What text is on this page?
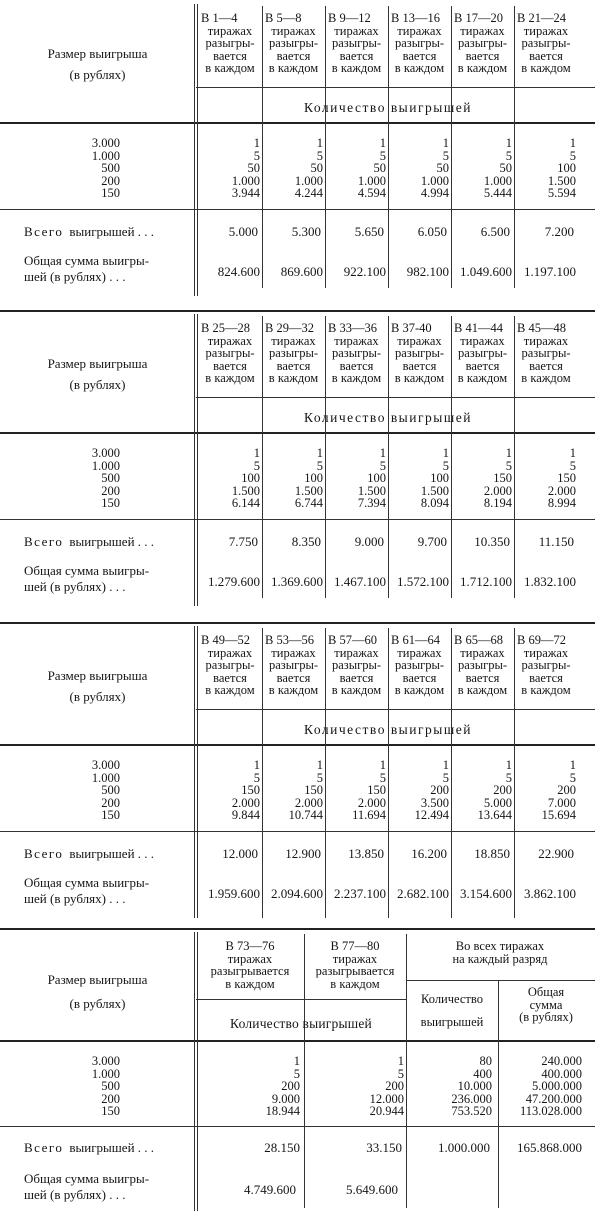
Размер выигрыша
(в рублях)
В 1—4
тиражах
разыгры-
вается
в каждом
В 5—8
тиражах
разыгры-
вается
в каждом
В 9—12
тиражах
разыгры-
вается
в каждом
В 13—16
тиражах
разыгры-
вается
в каждом
В 17—20
тиражах
разыгры-
вается
в каждом
В 21—24
тиражах
разыгры-
вается
в каждом
Количество выигрышей
3.000	1	1	1	1	1	1
1.000	5	5	5	5	5	5
500	50	50	50	50	50	100
200	1.000	1.000	1.000	1.000	1.000	1.500
150	3.944	4.244	4.594	4.994	5.444	5.594
Всего выигрышей . . .	5.000	5.300	5.650	6.050	6.500	7.200
Общая сумма выигры-
шей (в рублях) . . .	824.600	869.600	922.100	982.100 1.049.600 1.197.100
Размер выигрыша
(в рублях)
В 25—28
тиражах
разыгры-
вается
в каждом
В 29—32
тиражах
разыгры-
вается
в каждом
В 33—36
тиражах
разыгры-
вается
в каждом
В 37-40
тиражах
разыгры-
вается
в каждом
В 41—44
тиражах
разыгры-
вается
в каждом
В 45—48
тиражах
разыгры-
вается
в каждом
Количество выигрышей
3.000	1	1	1	1	1	1
1.000	5	5	5	5	5	5
500	100	100	100	100	150	150
200	1.500	1.500	1.500	1.500	2.000	2.000
150	6.144	6.744	7.394	8.094	8.194	8.994
Всего выигрышей . . .	7.750	8.350	9.000	9.700	10.350	11.150
Общая сумма выигры-
шей (в рублях) . . .	1.279.600 1.369.600 1.467.100 1.572.100 1.712.100 1.832.100
Размер выигрыша
(в рублях)
В 49—52
тиражах
разыгры-
вается
в каждом
В 53—56
тиражах
разыгры-
вается
в каждом
В 57—60
тиражах
разыгры-
вается
в каждом
В 61—64
тиражах
разыгры-
вается
в каждом
В 65—68
тиражах
разыгры-
вается
в каждом
В 69—72
тиражах
разыгры-
вается
в каждом
Количество выигрышей
3.000	1	1	1	1	1	1
1.000	5	5	5	5	5	5
500	150	150	150	200	200	200
200	2.000	2.000	2.000	3.500	5.000	7.000
150	9.844	10.744	11.694	12.494	13.644	15.694
Всего выигрышей . . .	12.000	12.900	13.850	16.200	18.850	22.900
Общая сумма выигры-
шей (в рублях) . . .	1.959.600 2.094.600 2.237.100 2.682.100 3.154.600 3.862.100
Размер выигрыша
(в рублях)
В 73—76
тиражах
разыгрывается
в каждом
В 77—80
тиражах
разыгрывается
в каждом
Во всех тиражах
на каждый разряд
Количество
выигрышей
Общая
сумма
(в рублях)
Количество выигрышей
3.000	1	1	80	240.000
1.000	5	5	400	400.000
500	200	200	10.000	5.000.000
200	9.000	12.000	236.000	47.200.000
150	18.944	20.944	753.520	113.028.000
Всего выигрышей . . .	28.150	33.150	1.000.000	165.868.000
Общая сумма выигры-
шей (в рублях) . . .	4.749.600	5.649.600
